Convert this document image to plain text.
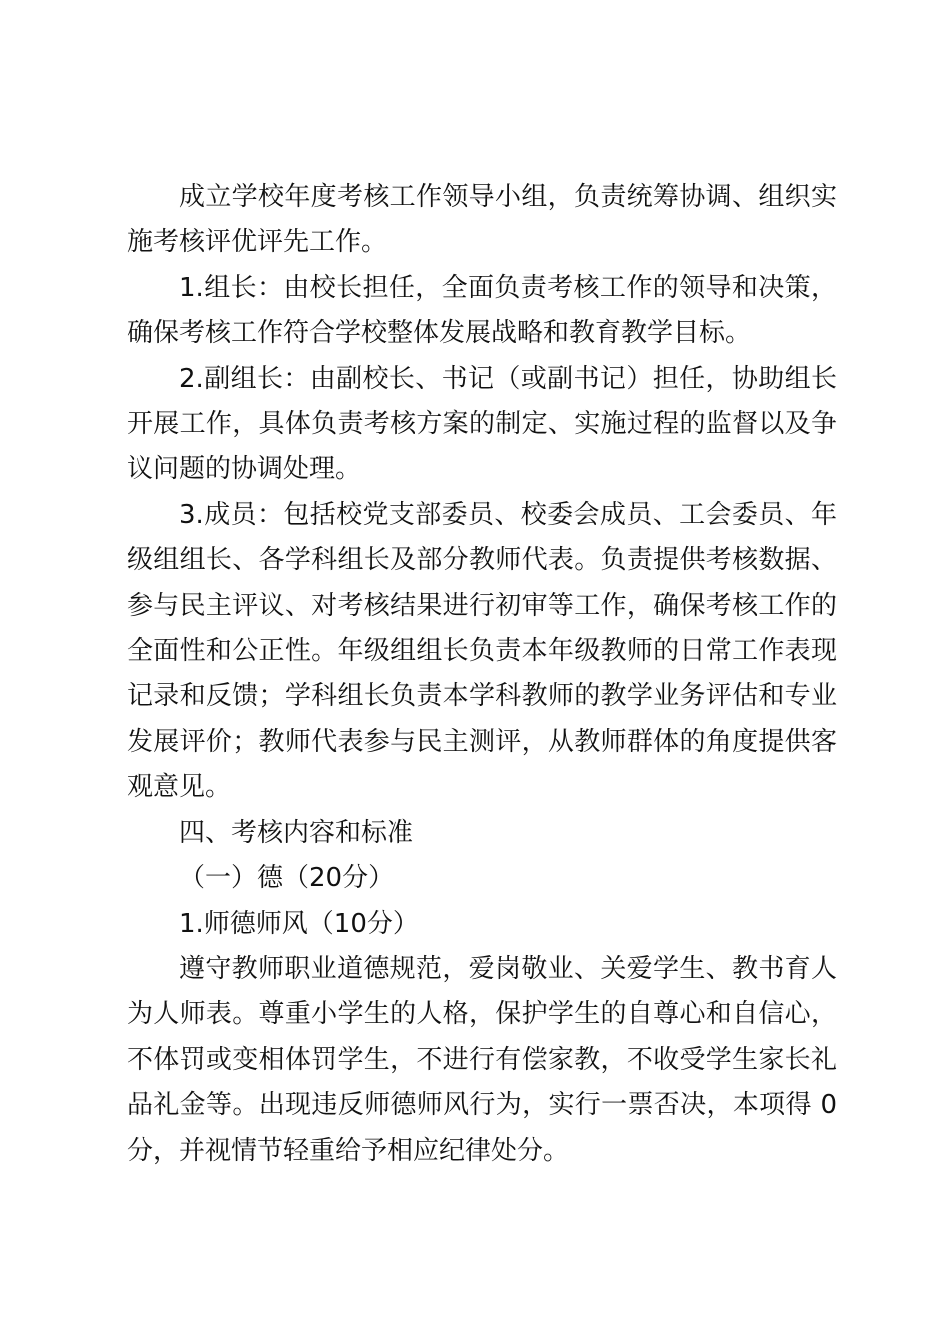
成立学校年度考核工作领导小组，负责统筹协调、组织实施考核评优评先工作。

1.组长：由校长担任，全面负责考核工作的领导和决策，确保考核工作符合学校整体发展战略和教育教学目标。

2.副组长：由副校长、书记（或副书记）担任，协助组长开展工作，具体负责考核方案的制定、实施过程的监督以及争议问题的协调处理。

3.成员：包括校党支部委员、校委会成员、工会委员、年级组组长、各学科组长及部分教师代表。负责提供考核数据、参与民主评议、对考核结果进行初审等工作，确保考核工作的全面性和公正性。年级组组长负责本年级教师的日常工作表现记录和反馈；学科组长负责本学科教师的教学业务评估和专业发展评价；教师代表参与民主测评，从教师群体的角度提供客观意见。

四、考核内容和标准

（一）德（20分）

1.师德师风（10分）

遵守教师职业道德规范，爱岗敬业、关爱学生、教书育人为人师表。尊重小学生的人格，保护学生的自尊心和自信心，不体罚或变相体罚学生，不进行有偿家教，不收受学生家长礼品礼金等。出现违反师德师风行为，实行一票否决，本项得 0 分，并视情节轻重给予相应纪律处分。
